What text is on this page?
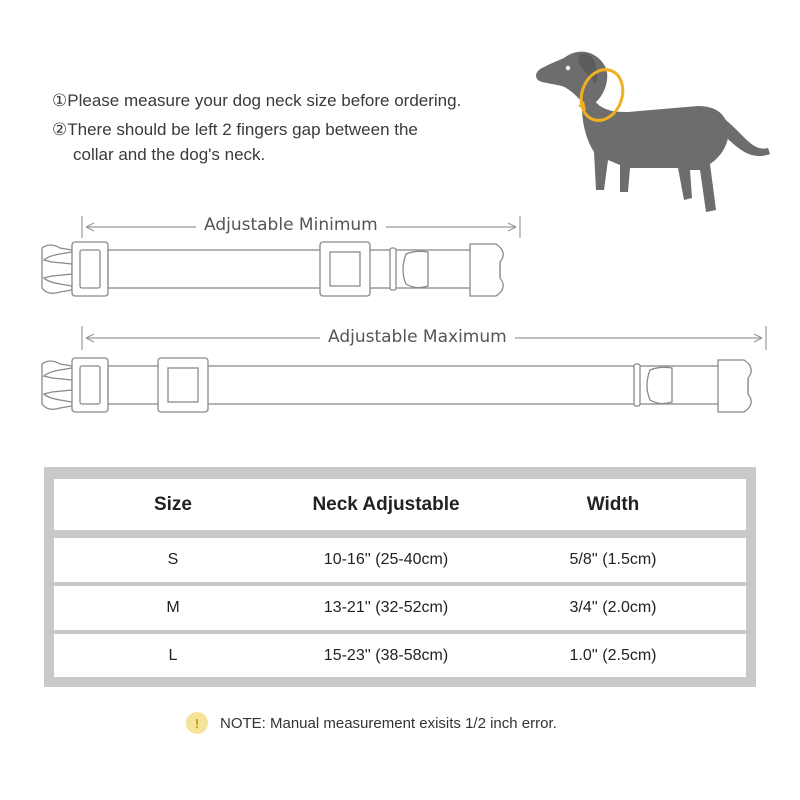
①Please measure your dog neck size before ordering.
②There should be left 2 fingers gap between the
collar and the dog's neck.
Adjustable Minimum
Adjustable Maximum
Size	Neck Adjustable	Width
S	10-16'' (25-40cm)	5/8'' (1.5cm)
M	13-21'' (32-52cm)	3/4'' (2.0cm)
L	15-23'' (38-58cm)	1.0'' (2.5cm)
!	NOTE: Manual measurement exisits 1/2 inch error.
